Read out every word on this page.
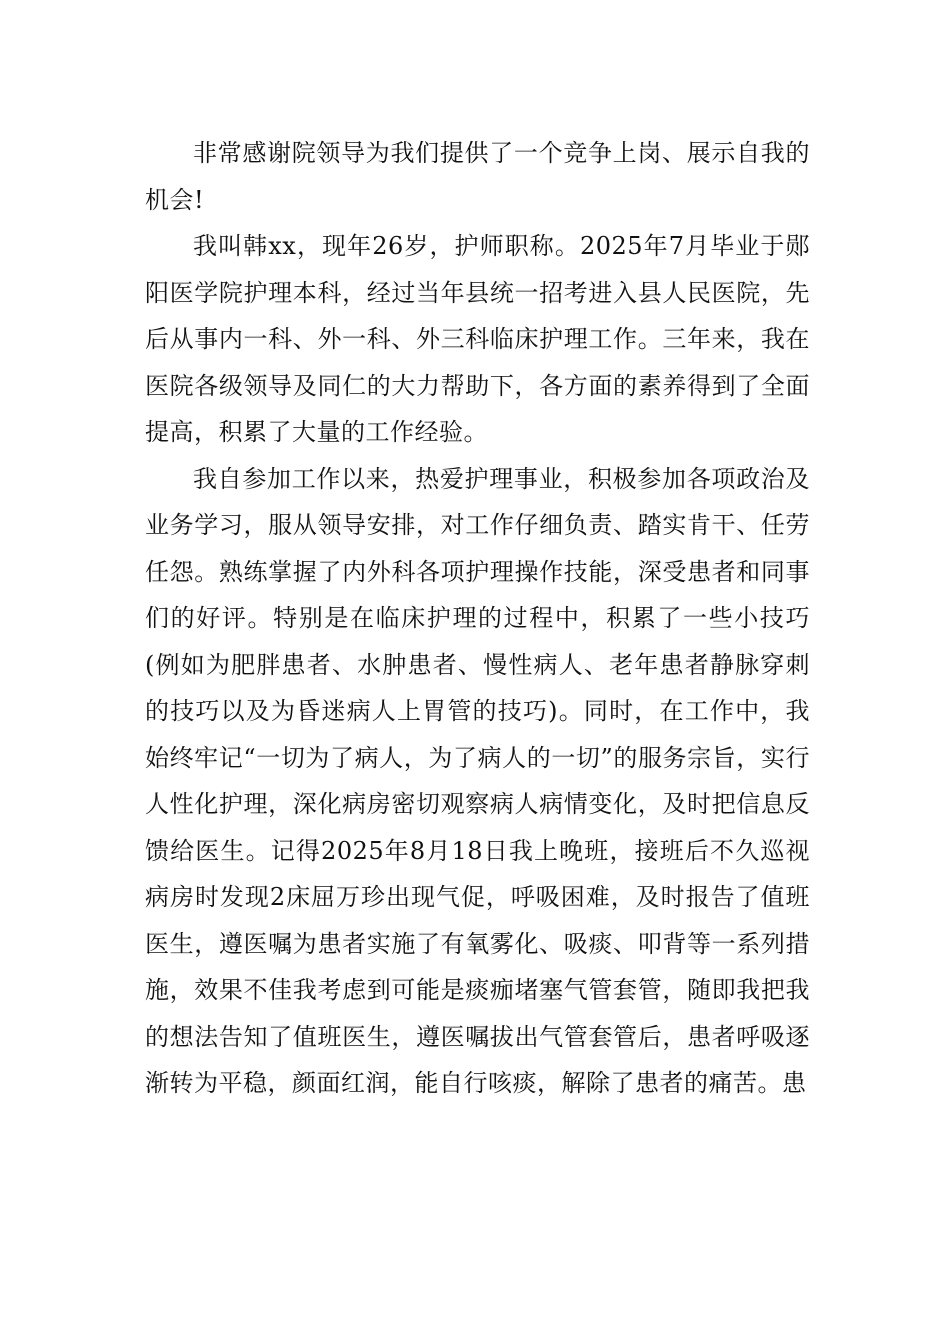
非常感谢院领导为我们提供了一个竞争上岗、展示自我的机会!

我叫韩xx，现年26岁，护师职称。2025年7月毕业于郧阳医学院护理本科，经过当年县统一招考进入县人民医院，先后从事内一科、外一科、外三科临床护理工作。三年来，我在医院各级领导及同仁的大力帮助下，各方面的素养得到了全面提高，积累了大量的工作经验。

我自参加工作以来，热爱护理事业，积极参加各项政治及业务学习，服从领导安排，对工作仔细负责、踏实肯干、任劳任怨。熟练掌握了内外科各项护理操作技能，深受患者和同事们的好评。特别是在临床护理的过程中，积累了一些小技巧(例如为肥胖患者、水肿患者、慢性病人、老年患者静脉穿刺的技巧以及为昏迷病人上胃管的技巧)。同时，在工作中，我始终牢记“一切为了病人，为了病人的一切”的服务宗旨，实行人性化护理，深化病房密切观察病人病情变化，及时把信息反馈给医生。记得2025年8月18日我上晚班，接班后不久巡视病房时发现2床屈万珍出现气促，呼吸困难，及时报告了值班医生，遵医嘱为患者实施了有氧雾化、吸痰、叩背等一系列措施，效果不佳我考虑到可能是痰痂堵塞气管套管，随即我把我的想法告知了值班医生，遵医嘱拔出气管套管后，患者呼吸逐渐转为平稳，颜面红润，能自行咳痰，解除了患者的痛苦。患
